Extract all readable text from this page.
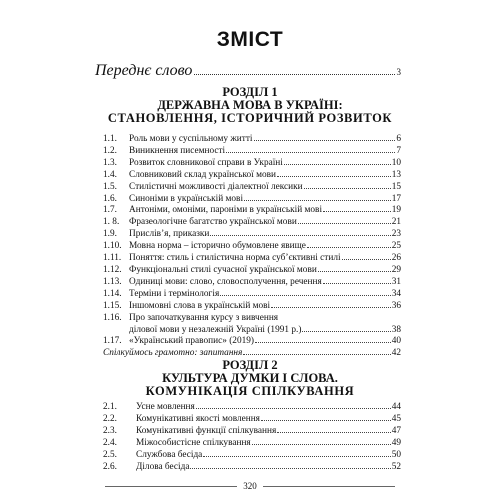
ЗМІСТ
Переднє слово	3
РОЗДІЛ 1
ДЕРЖАВНА МОВА В УКРАЇНІ:
СТАНОВЛЕННЯ, ІСТОРИЧНИЙ РОЗВИТОК
1.1.	Роль мови у суспільному житті	6
1.2.	Виникнення писемності	7
1.3.	Розвиток словникової справи в Україні	10
1.4.	Словниковий склад української мови	13
1.5.	Стилістичні можливості діалектної лексики	15
1.6.	Синоніми в українській мові	17
1.7.	Антоніми, омоніми, пароніми в українській мові	19
1. 8.	Фразеологічне багатство української мови	21
1.9.	Прислів’я, приказки	23
1.10. Мовна норма – історично обумовлене явище	25
1.11. Поняття: стиль і стилістична норма суб’єктивні стилі	26
1.12. Функціональні стилі сучасної української мови	29
1.13. Одиниці мови: слово, словосполучення, речення	31
1.14. Терміни і термінологія	34
1.15. Іншомовні слова в українській мові	36
1.16. Про започаткування курсу з вивчення
ділової мови у незалежній Україні (1991 р.)	38
1.17. «Український правопис» (2019)	40
Спілкуймось грамотно: запитання	42
РОЗДІЛ 2
КУЛЬТУРА ДУМКИ І СЛОВА.
КОМУНІКАЦІЯ СПІЛКУВАННЯ
2.1.	Усне мовлення	44
2.2.	Комунікативні якості мовлення	45
2.3.	Комунікативні функції спілкування	47
2.4.	Міжособистісне спілкування	49
2.5.	Службова бесіда	50
2.6.	Ділова бесіда	52
320
